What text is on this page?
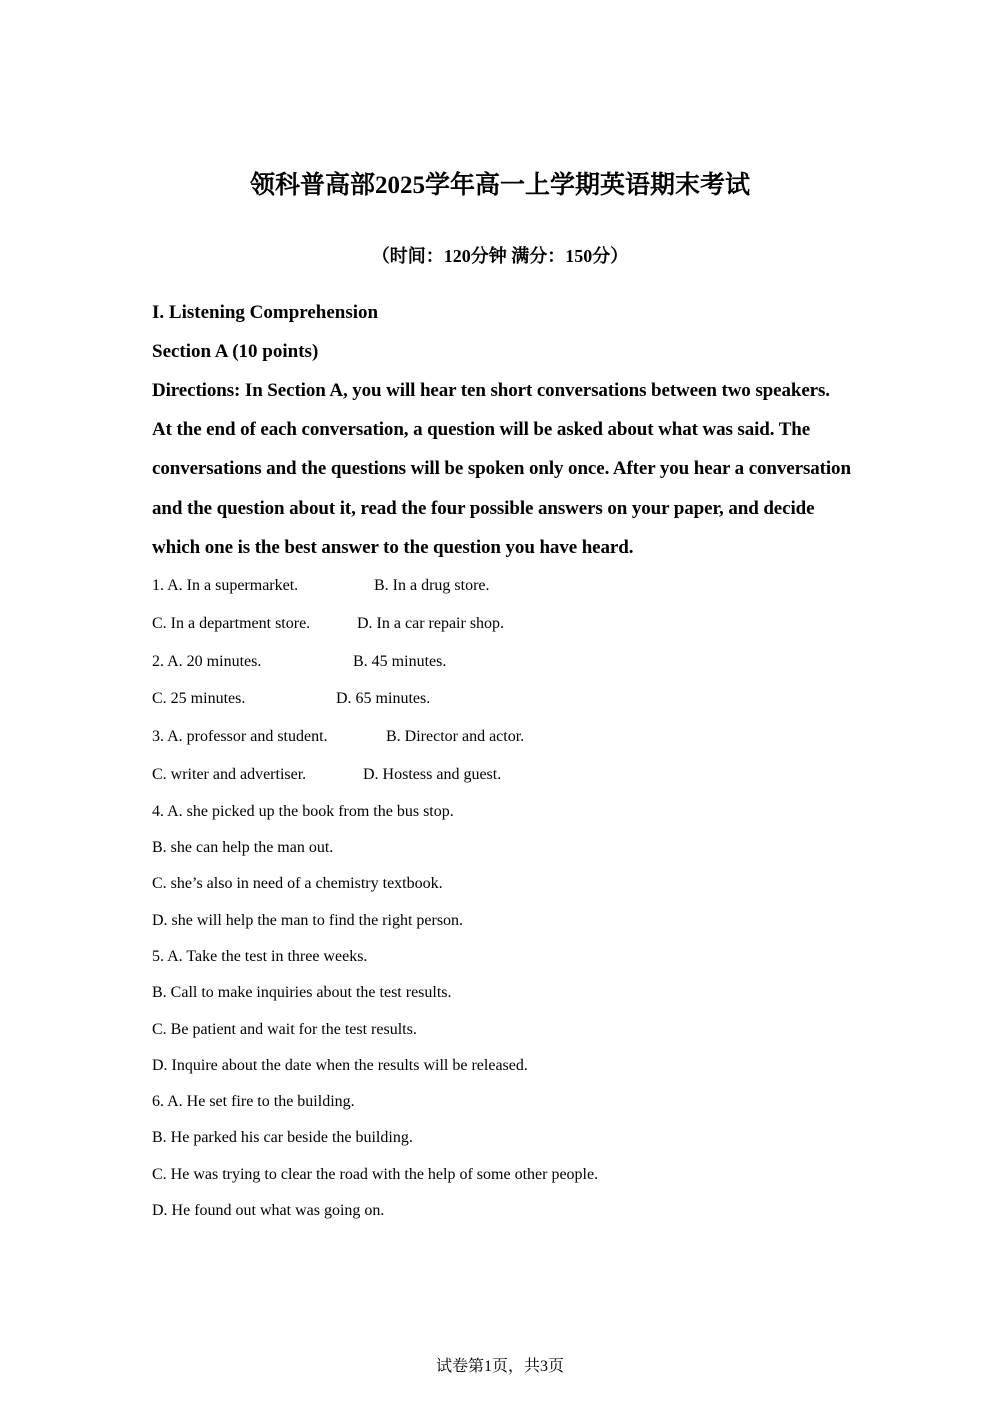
领科普高部2025学年高一上学期英语期末考试
（时间：120分钟 满分：150分）

I. Listening Comprehension

Section A (10 points)

Directions: In Section A, you will hear ten short conversations between two speakers. At the end of each conversation, a question will be asked about what was said. The conversations and the questions will be spoken only once. After you hear a conversation and the question about it, read the four possible answers on your paper, and decide which one is the best answer to the question you have heard.

1. A. In a supermarket.	B. In a drug store.
C. In a department store.	D. In a car repair shop.
2. A. 20 minutes.	B. 45 minutes.
C. 25 minutes.	D. 65 minutes.
3. A. professor and student.	B. Director and actor.
C. writer and advertiser.	D. Hostess and guest.

4. A. she picked up the book from the bus stop.

B. she can help the man out.

C. she’s also in need of a chemistry textbook.

D. she will help the man to find the right person.

5. A. Take the test in three weeks.

B. Call to make inquiries about the test results.

C. Be patient and wait for the test results.

D. Inquire about the date when the results will be released.

6. A. He set fire to the building.

B. He parked his car beside the building.

C. He was trying to clear the road with the help of some other people.

D. He found out what was going on.

试卷第1页，共3页
